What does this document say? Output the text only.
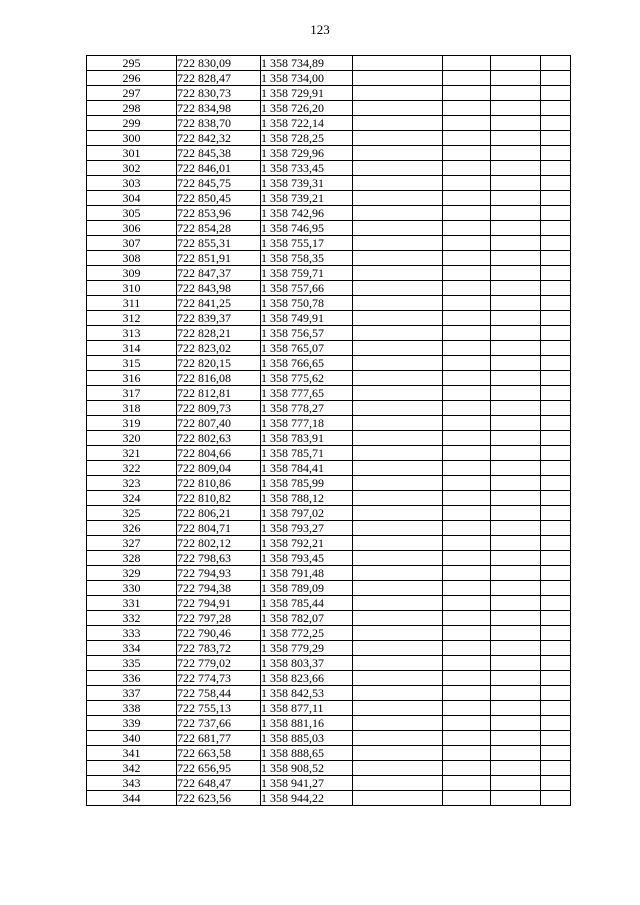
123
295	722 830,09	1 358 734,89				
296	722 828,47	1 358 734,00				
297	722 830,73	1 358 729,91				
298	722 834,98	1 358 726,20				
299	722 838,70	1 358 722,14				
300	722 842,32	1 358 728,25				
301	722 845,38	1 358 729,96				
302	722 846,01	1 358 733,45				
303	722 845,75	1 358 739,31				
304	722 850,45	1 358 739,21				
305	722 853,96	1 358 742,96				
306	722 854,28	1 358 746,95				
307	722 855,31	1 358 755,17				
308	722 851,91	1 358 758,35				
309	722 847,37	1 358 759,71				
310	722 843,98	1 358 757,66				
311	722 841,25	1 358 750,78				
312	722 839,37	1 358 749,91				
313	722 828,21	1 358 756,57				
314	722 823,02	1 358 765,07				
315	722 820,15	1 358 766,65				
316	722 816,08	1 358 775,62				
317	722 812,81	1 358 777,65				
318	722 809,73	1 358 778,27				
319	722 807,40	1 358 777,18				
320	722 802,63	1 358 783,91				
321	722 804,66	1 358 785,71				
322	722 809,04	1 358 784,41				
323	722 810,86	1 358 785,99				
324	722 810,82	1 358 788,12				
325	722 806,21	1 358 797,02				
326	722 804,71	1 358 793,27				
327	722 802,12	1 358 792,21				
328	722 798,63	1 358 793,45				
329	722 794,93	1 358 791,48				
330	722 794,38	1 358 789,09				
331	722 794,91	1 358 785,44				
332	722 797,28	1 358 782,07				
333	722 790,46	1 358 772,25				
334	722 783,72	1 358 779,29				
335	722 779,02	1 358 803,37				
336	722 774,73	1 358 823,66				
337	722 758,44	1 358 842,53				
338	722 755,13	1 358 877,11				
339	722 737,66	1 358 881,16				
340	722 681,77	1 358 885,03				
341	722 663,58	1 358 888,65				
342	722 656,95	1 358 908,52				
343	722 648,47	1 358 941,27				
344	722 623,56	1 358 944,22				
